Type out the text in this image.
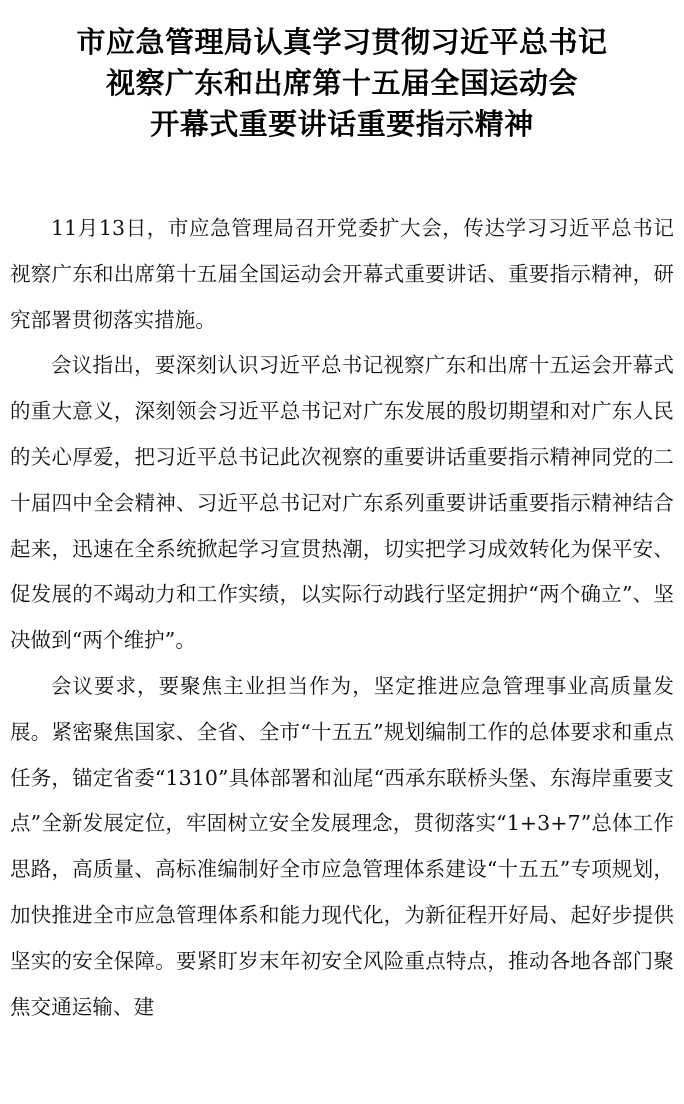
市应急管理局认真学习贯彻习近平总书记
视察广东和出席第十五届全国运动会
开幕式重要讲话重要指示精神

11月13日，市应急管理局召开党委扩大会，传达学习习近平总书记视察广东和出席第十五届全国运动会开幕式重要讲话、重要指示精神，研究部署贯彻落实措施。

会议指出，要深刻认识习近平总书记视察广东和出席十五运会开幕式的重大意义，深刻领会习近平总书记对广东发展的殷切期望和对广东人民的关心厚爱，把习近平总书记此次视察的重要讲话重要指示精神同党的二十届四中全会精神、习近平总书记对广东系列重要讲话重要指示精神结合起来，迅速在全系统掀起学习宣贯热潮，切实把学习成效转化为保平安、促发展的不竭动力和工作实绩，以实际行动践行坚定拥护“两个确立”、坚决做到“两个维护”。

会议要求，要聚焦主业担当作为，坚定推进应急管理事业高质量发展。紧密聚焦国家、全省、全市“十五五”规划编制工作的总体要求和重点任务，锚定省委“1310”具体部署和汕尾“西承东联桥头堡、东海岸重要支点”全新发展定位，牢固树立安全发展理念，贯彻落实“1+3+7”总体工作思路，高质量、高标准编制好全市应急管理体系建设“十五五”专项规划，加快推进全市应急管理体系和能力现代化，为新征程开好局、起好步提供坚实的安全保障。要紧盯岁末年初安全风险重点特点，推动各地各部门聚焦交通运输、建
